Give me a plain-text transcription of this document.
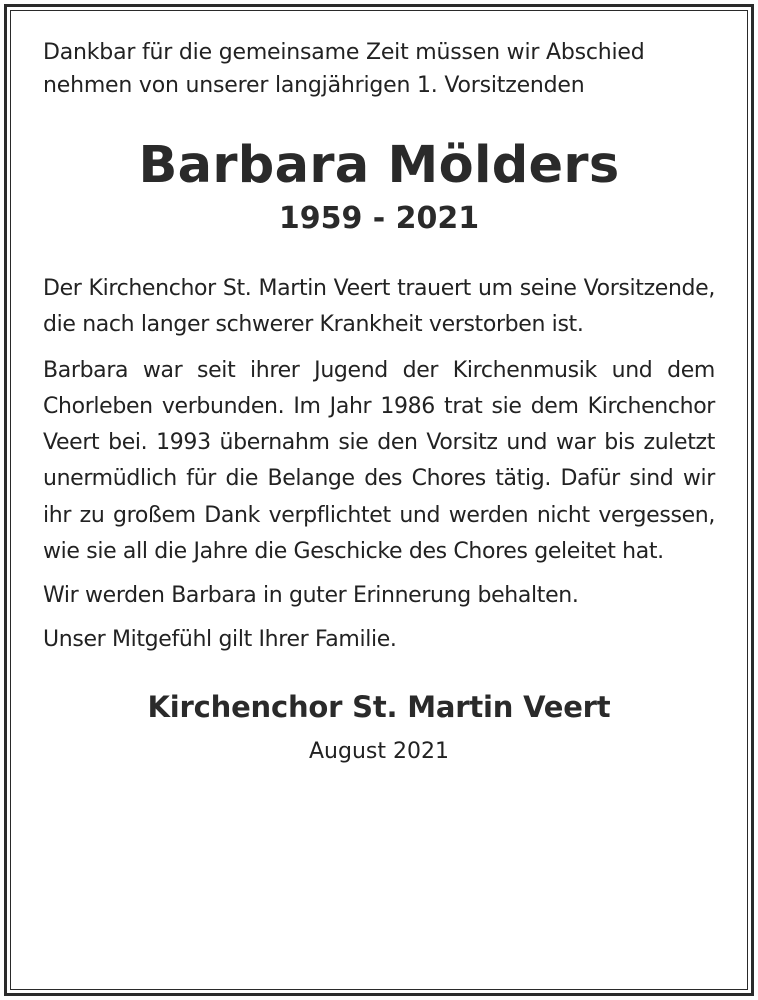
Dankbar für die gemeinsame Zeit müssen wir Abschied nehmen von unserer langjährigen 1. Vorsitzenden

Barbara Mölders
1959 - 2021

Der Kirchenchor St. Martin Veert trauert um seine Vorsitzende, die nach langer schwerer Krankheit verstorben ist.

Barbara war seit ihrer Jugend der Kirchenmusik und dem Chorleben verbunden. Im Jahr 1986 trat sie dem Kirchenchor Veert bei. 1993 übernahm sie den Vorsitz und war bis zuletzt unermüdlich für die Belange des Chores tätig. Dafür sind wir ihr zu großem Dank verpflichtet und werden nicht vergessen, wie sie all die Jahre die Geschicke des Chores geleitet hat.

Wir werden Barbara in guter Erinnerung behalten.

Unser Mitgefühl gilt Ihrer Familie.

Kirchenchor St. Martin Veert
August 2021
